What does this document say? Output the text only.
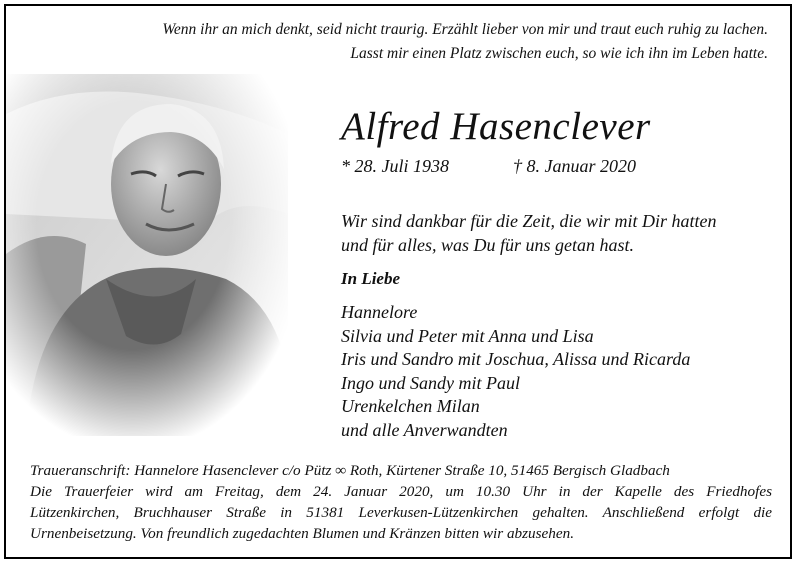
Wenn ihr an mich denkt, seid nicht traurig. Erzählt lieber von mir und traut euch ruhig zu lachen.
Lasst mir einen Platz zwischen euch, so wie ich ihn im Leben hatte.
Alfred Hasenclever
* 28. Juli 1938	† 8. Januar 2020
Wir sind dankbar für die Zeit, die wir mit Dir hatten
und für alles, was Du für uns getan hast.
In Liebe
Hannelore
Silvia und Peter mit Anna und Lisa
Iris und Sandro mit Joschua, Alissa und Ricarda
Ingo und Sandy mit Paul
Urenkelchen Milan
und alle Anverwandten
Traueranschrift: Hannelore Hasenclever c/o Pütz ∞ Roth, Kürtener Straße 10, 51465 Bergisch Gladbach
Die Trauerfeier wird am Freitag, dem 24. Januar 2020, um 10.30 Uhr in der Kapelle des Friedhofes
Lützenkirchen, Bruchhauser Straße in 51381 Leverkusen-Lützenkirchen gehalten. Anschließend erfolgt die
Urnenbeisetzung. Von freundlich zugedachten Blumen und Kränzen bitten wir abzusehen.
